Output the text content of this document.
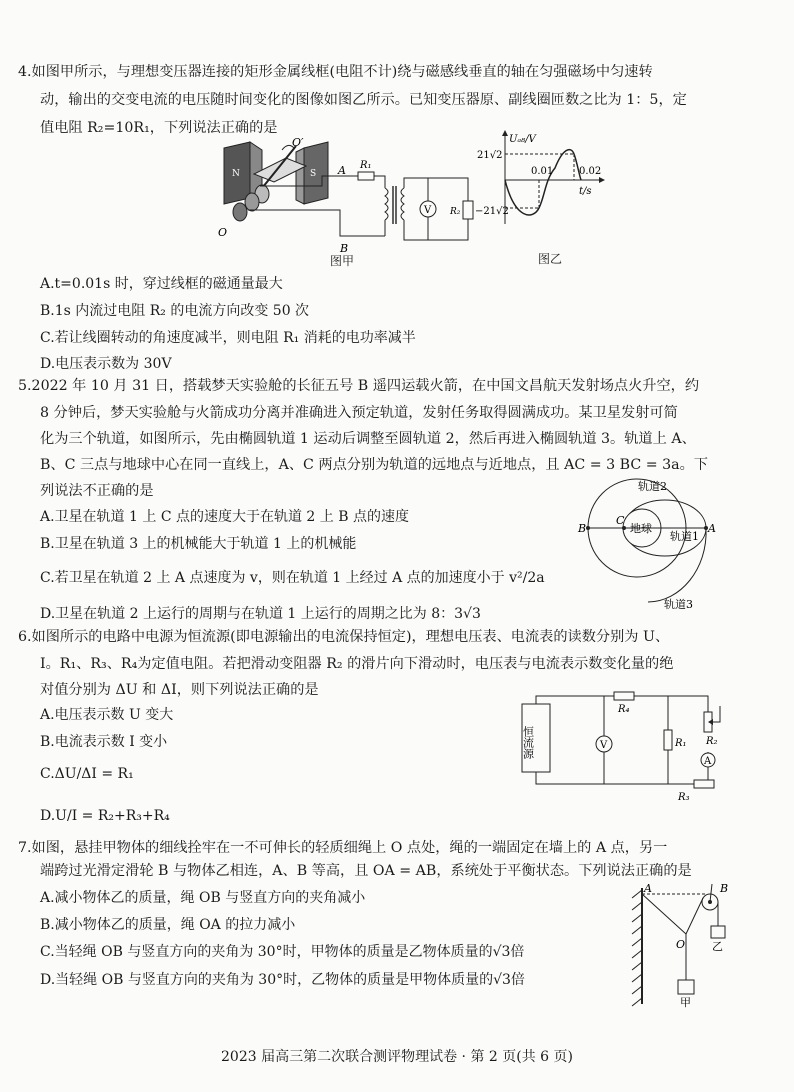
4.如图甲所示，与理想变压器连接的矩形金属线框(电阻不计)绕与磁感线垂直的轴在匀强磁场中匀速转
动，输出的交变电流的电压随时间变化的图像如图乙所示。已知变压器原、副线圈匝数之比为 1：5，定
值电阻 R₂=10R₁，下列说法正确的是
N	S
O′
O
A
B
R₁
V R₂
图甲
Uₐ₈/V
21√2
−21√2
0.01	0.02
t/s
图乙
A.t=0.01s 时，穿过线框的磁通量最大
B.1s 内流过电阻 R₂ 的电流方向改变 50 次
C.若让线圈转动的角速度减半，则电阻 R₁ 消耗的电功率减半
D.电压表示数为 30V
5.2022 年 10 月 31 日，搭载梦天实验舱的长征五号 B 遥四运载火箭，在中国文昌航天发射场点火升空，约
8 分钟后，梦天实验舱与火箭成功分离并准确进入预定轨道，发射任务取得圆满成功。某卫星发射可简
化为三个轨道，如图所示，先由椭圆轨道 1 运动后调整至圆轨道 2，然后再进入椭圆轨道 3。轨道上 A、
B、C 三点与地球中心在同一直线上，A、C 两点分别为轨道的远地点与近地点，且 AC = 3 BC = 3a。下
列说法不正确的是
B
C
A
地球
轨道2
轨道1
轨道3
A.卫星在轨道 1 上 C 点的速度大于在轨道 2 上 B 点的速度
B.卫星在轨道 3 上的机械能大于轨道 1 上的机械能
C.若卫星在轨道 2 上 A 点速度为 v，则在轨道 1 上经过 A 点的加速度小于 v²/2a
D.卫星在轨道 2 上运行的周期与在轨道 1 上运行的周期之比为 8：3√3
6.如图所示的电路中电源为恒流源(即电源输出的电流保持恒定)，理想电压表、电流表的读数分别为 U、
I。R₁、R₃、R₄为定值电阻。若把滑动变阻器 R₂ 的滑片向下滑动时，电压表与电流表示数变化量的绝
对值分别为 ΔU 和 ΔI，则下列说法正确的是
恒流源	V
R₄
R₁ R₂
A
R₃
A.电压表示数 U 变大
B.电流表示数 I 变小
C.ΔU/ΔI = R₁
D.U/I = R₂+R₃+R₄
7.如图，悬挂甲物体的细线拴牢在一不可伸长的轻质细绳上 O 点处，绳的一端固定在墙上的 A 点，另一
端跨过光滑定滑轮 B 与物体乙相连，A、B 等高，且 OA = AB，系统处于平衡状态。下列说法正确的是
A	B
O 乙
甲
A.减小物体乙的质量，绳 OB 与竖直方向的夹角减小
B.减小物体乙的质量，绳 OA 的拉力减小
C.当轻绳 OB 与竖直方向的夹角为 30°时，甲物体的质量是乙物体质量的√3倍
D.当轻绳 OB 与竖直方向的夹角为 30°时，乙物体的质量是甲物体质量的√3倍
2023 届高三第二次联合测评物理试卷 · 第 2 页(共 6 页)
